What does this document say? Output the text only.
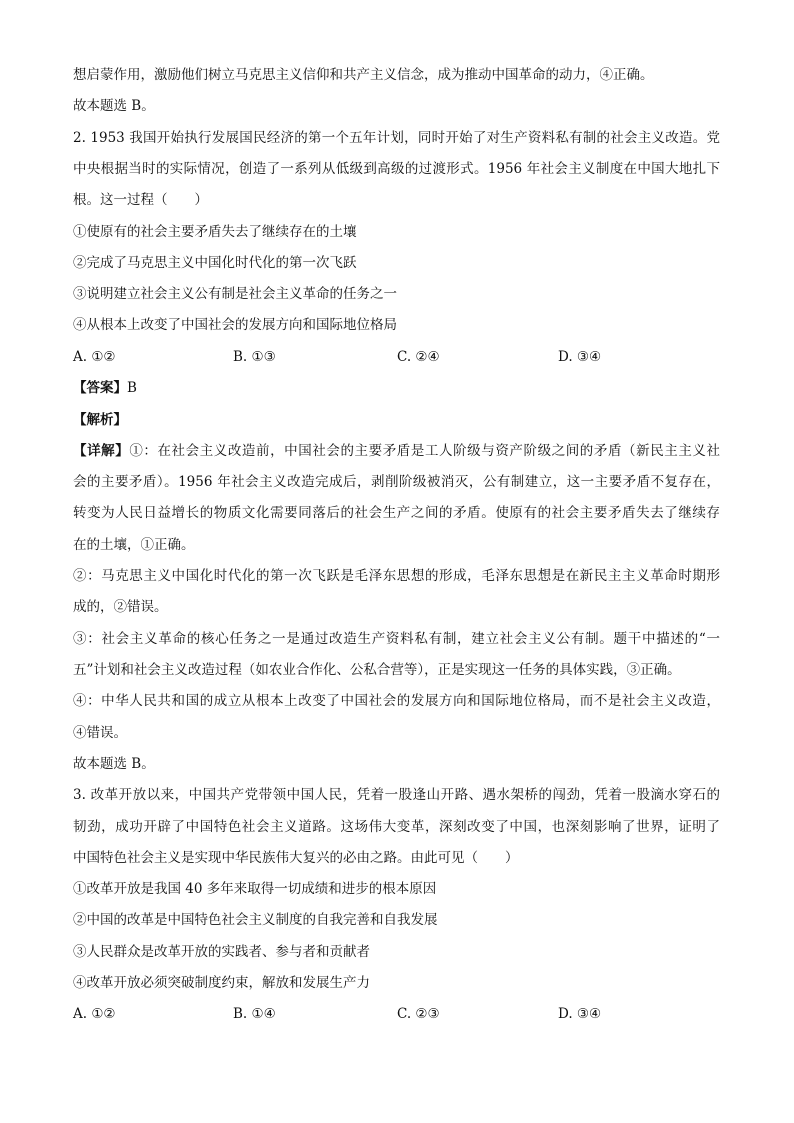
想启蒙作用，激励他们树立马克思主义信仰和共产主义信念，成为推动中国革命的动力，④正确。
故本题选 B。
2. 1953 我国开始执行发展国民经济的第一个五年计划，同时开始了对生产资料私有制的社会主义改造。党
中央根据当时的实际情况，创造了一系列从低级到高级的过渡形式。1956 年社会主义制度在中国大地扎下
根。这一过程（　　）
①使原有的社会主要矛盾失去了继续存在的土壤
②完成了马克思主义中国化时代化的第一次飞跃
③说明建立社会主义公有制是社会主义革命的任务之一
④从根本上改变了中国社会的发展方向和国际地位格局
A. ①②	B. ①③	C. ②④	D. ③④
【答案】B
【解析】
【详解】①：在社会主义改造前，中国社会的主要矛盾是工人阶级与资产阶级之间的矛盾（新民主主义社
会的主要矛盾）。1956 年社会主义改造完成后，剥削阶级被消灭，公有制建立，这一主要矛盾不复存在，
转变为人民日益增长的物质文化需要同落后的社会生产之间的矛盾。使原有的社会主要矛盾失去了继续存
在的土壤，①正确。
②：马克思主义中国化时代化的第一次飞跃是毛泽东思想的形成，毛泽东思想是在新民主主义革命时期形
成的，②错误。
③：社会主义革命的核心任务之一是通过改造生产资料私有制，建立社会主义公有制。题干中描述的“一
五”计划和社会主义改造过程（如农业合作化、公私合营等），正是实现这一任务的具体实践，③正确。
④：中华人民共和国的成立从根本上改变了中国社会的发展方向和国际地位格局，而不是社会主义改造，
④错误。
故本题选 B。
3. 改革开放以来，中国共产党带领中国人民，凭着一股逢山开路、遇水架桥的闯劲，凭着一股滴水穿石的
韧劲，成功开辟了中国特色社会主义道路。这场伟大变革，深刻改变了中国，也深刻影响了世界，证明了
中国特色社会主义是实现中华民族伟大复兴的必由之路。由此可见（　　）
①改革开放是我国 40 多年来取得一切成绩和进步的根本原因
②中国的改革是中国特色社会主义制度的自我完善和自我发展
③人民群众是改革开放的实践者、参与者和贡献者
④改革开放必须突破制度约束，解放和发展生产力
A. ①②	B. ①④	C. ②③	D. ③④
